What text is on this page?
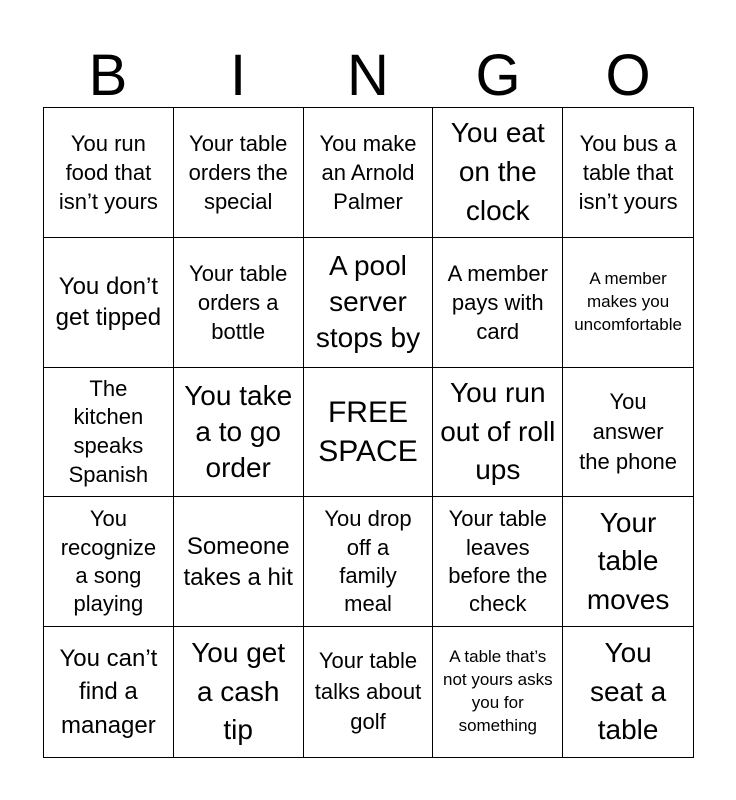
B	I	N	G	O
You run food that isn’t yours
Your table orders the special
You make an Arnold Palmer
You eat on the clock
You bus a table that isn’t yours
You don’t get tipped
Your table orders a bottle
A pool server stops by
A member pays with card
A member makes you uncomfortable
The kitchen speaks Spanish
You take a to go order
FREE SPACE
You run out of roll ups
You answer the phone
You recognize a song playing
Someone takes a hit
You drop off a family meal
Your table leaves before the check
Your table moves
You can’t find a manager
You get a cash tip
Your table talks about golf
A table that’s not yours asks you for something
You seat a table
